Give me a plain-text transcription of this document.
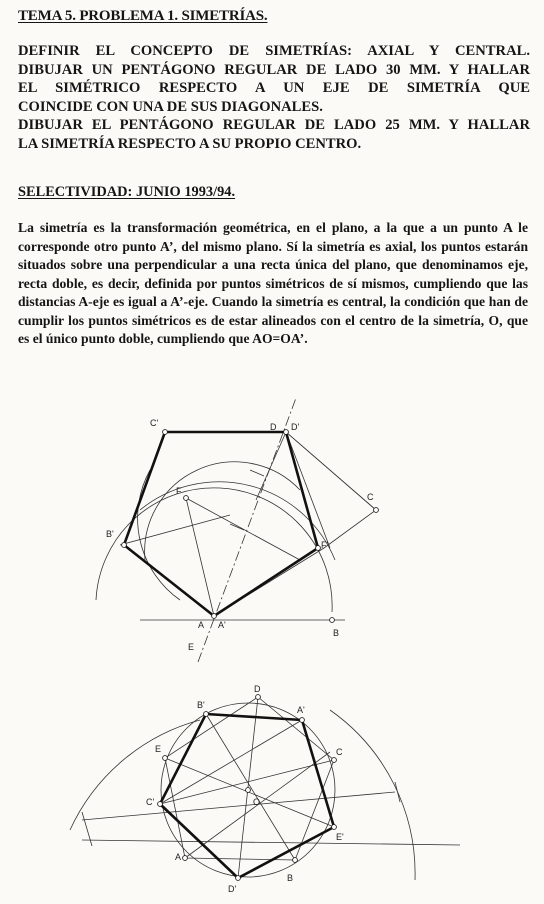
TEMA 5. PROBLEMA 1. SIMETRÍAS.
DEFINIR EL CONCEPTO DE SIMETRÍAS: AXIAL Y CENTRAL.
DIBUJAR UN PENTÁGONO REGULAR DE LADO 30 MM. Y HALLAR
EL SIMÉTRICO RESPECTO A UN EJE DE SIMETRÍA QUE
COINCIDE CON UNA DE SUS DIAGONALES.
DIBUJAR EL PENTÁGONO REGULAR DE LADO 25 MM. Y HALLAR
LA SIMETRÍA RESPECTO A SU PROPIO CENTRO.
SELECTIVIDAD: JUNIO 1993/94.
La simetría es la transformación geométrica, en el plano, a la que a un punto A le corresponde otro punto A’, del mismo plano. Sí la simetría es axial, los puntos estarán situados sobre una perpendicular a una recta única del plano, que denominamos eje, recta doble, es decir, definida por puntos simétricos de sí mismos, cumpliendo que las distancias A-eje es igual a A’-eje. Cuando la simetría es central, la condición que han de cumplir los puntos simétricos es de estar alineados con el centro de la simetría, O, que es el único punto doble, cumpliendo que AO=OA’.
C'	D D'
C
F
B'
F'
A A'
B
E
B'
D
A'
E	C
C'	O
E'
A
D'
B
